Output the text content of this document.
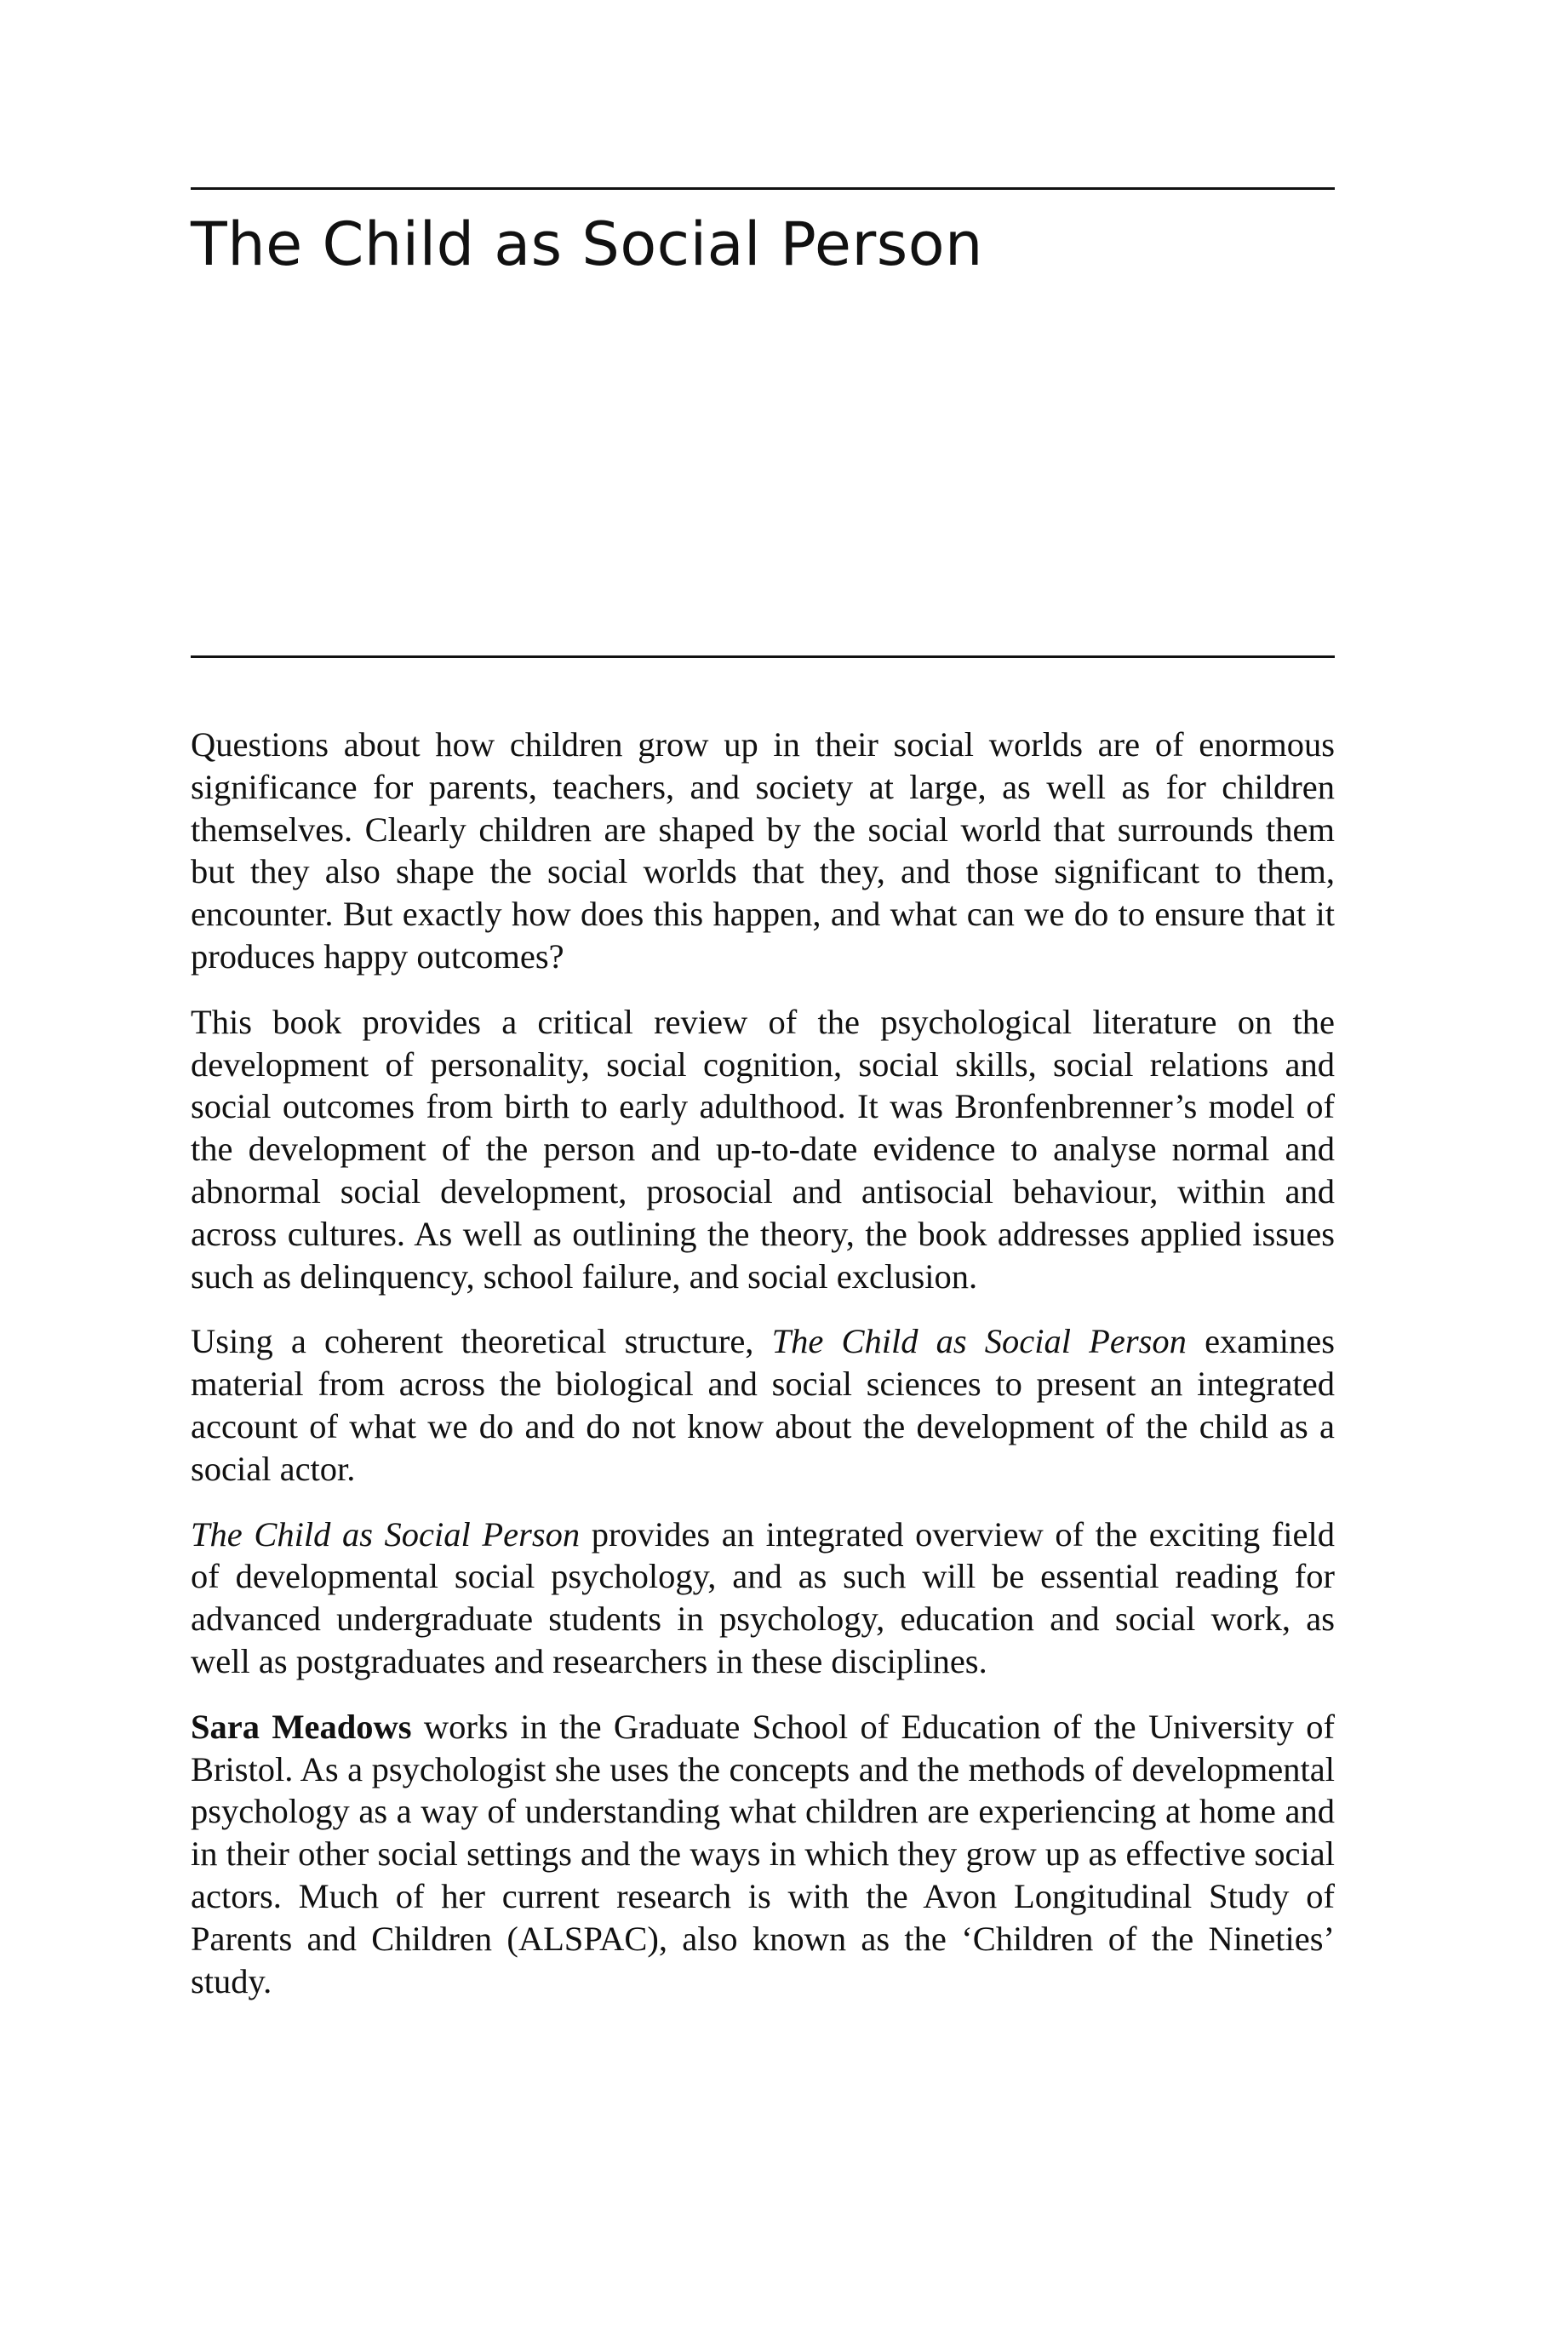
The Child as Social Person

Questions about how children grow up in their social worlds are of enormous significance for parents, teachers, and society at large, as well as for children themselves. Clearly children are shaped by the social world that surrounds them but they also shape the social worlds that they, and those significant to them, encounter. But exactly how does this happen, and what can we do to ensure that it produces happy outcomes?

This book provides a critical review of the psychological literature on the development of personality, social cognition, social skills, social relations and social outcomes from birth to early adulthood. It was Bronfenbrenner’s model of the development of the person and up-to-date evidence to analyse normal and abnormal social development, prosocial and antisocial behaviour, within and across cultures. As well as outlining the theory, the book addresses applied issues such as delinquency, school failure, and social exclusion.

Using a coherent theoretical structure, The Child as Social Person examines material from across the biological and social sciences to present an integrated account of what we do and do not know about the development of the child as a social actor.

The Child as Social Person provides an integrated overview of the exciting field of developmental social psychology, and as such will be essential reading for advanced undergraduate students in psychology, education and social work, as well as postgraduates and researchers in these disciplines.

Sara Meadows works in the Graduate School of Education of the University of Bristol. As a psychologist she uses the concepts and the methods of developmental psychology as a way of understanding what children are experiencing at home and in their other social settings and the ways in which they grow up as effective social actors. Much of her current research is with the Avon Longitudinal Study of Parents and Children (ALSPAC), also known as the ‘Children of the Nineties’ study.
